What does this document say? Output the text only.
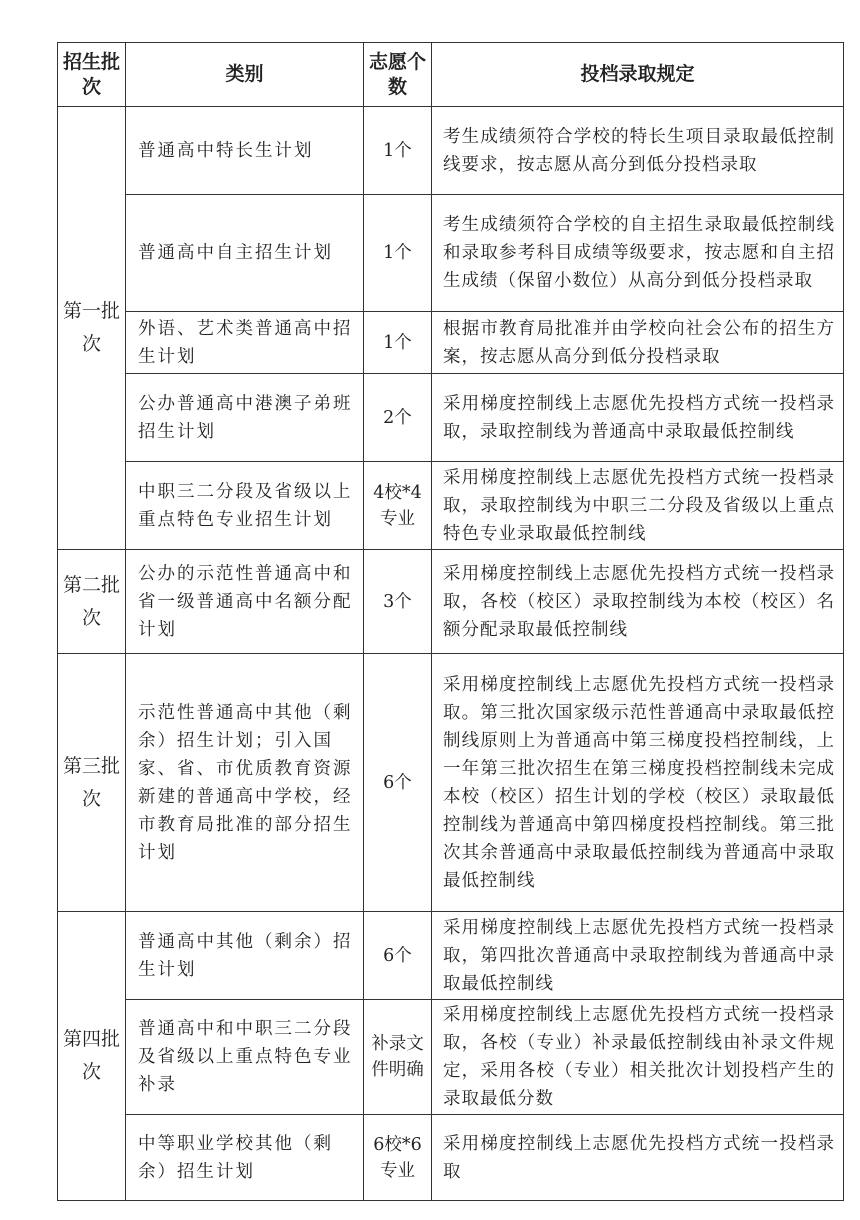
招生批次	类别	志愿个数	投档录取规定
第一批次	普通高中特长生计划	1个	考生成绩须符合学校的特长生项目录取最低控制线要求，按志愿从高分到低分投档录取
	普通高中自主招生计划	1个	考生成绩须符合学校的自主招生录取最低控制线和录取参考科目成绩等级要求，按志愿和自主招生成绩（保留小数位）从高分到低分投档录取
	外语、艺术类普通高中招生计划	1个	根据市教育局批准并由学校向社会公布的招生方案，按志愿从高分到低分投档录取
	公办普通高中港澳子弟班招生计划	2个	采用梯度控制线上志愿优先投档方式统一投档录取，录取控制线为普通高中录取最低控制线
	中职三二分段及省级以上重点特色专业招生计划	4校*4专业	采用梯度控制线上志愿优先投档方式统一投档录取，录取控制线为中职三二分段及省级以上重点特色专业录取最低控制线
第二批次	公办的示范性普通高中和省一级普通高中名额分配计划	3个	采用梯度控制线上志愿优先投档方式统一投档录取，各校（校区）录取控制线为本校（校区）名额分配录取最低控制线
第三批次	示范性普通高中其他（剩余）招生计划；引入国家、省、市优质教育资源新建的普通高中学校，经市教育局批准的部分招生计划	6个	采用梯度控制线上志愿优先投档方式统一投档录取。第三批次国家级示范性普通高中录取最低控制线原则上为普通高中第三梯度投档控制线，上一年第三批次招生在第三梯度投档控制线未完成本校（校区）招生计划的学校（校区）录取最低控制线为普通高中第四梯度投档控制线。第三批次其余普通高中录取最低控制线为普通高中录取最低控制线
第四批次	普通高中其他（剩余）招生计划	6个	采用梯度控制线上志愿优先投档方式统一投档录取，第四批次普通高中录取控制线为普通高中录取最低控制线
	普通高中和中职三二分段及省级以上重点特色专业补录	补录文件明确	采用梯度控制线上志愿优先投档方式统一投档录取，各校（专业）补录最低控制线由补录文件规定，采用各校（专业）相关批次计划投档产生的录取最低分数
	中等职业学校其他（剩余）招生计划	6校*6专业	采用梯度控制线上志愿优先投档方式统一投档录取
